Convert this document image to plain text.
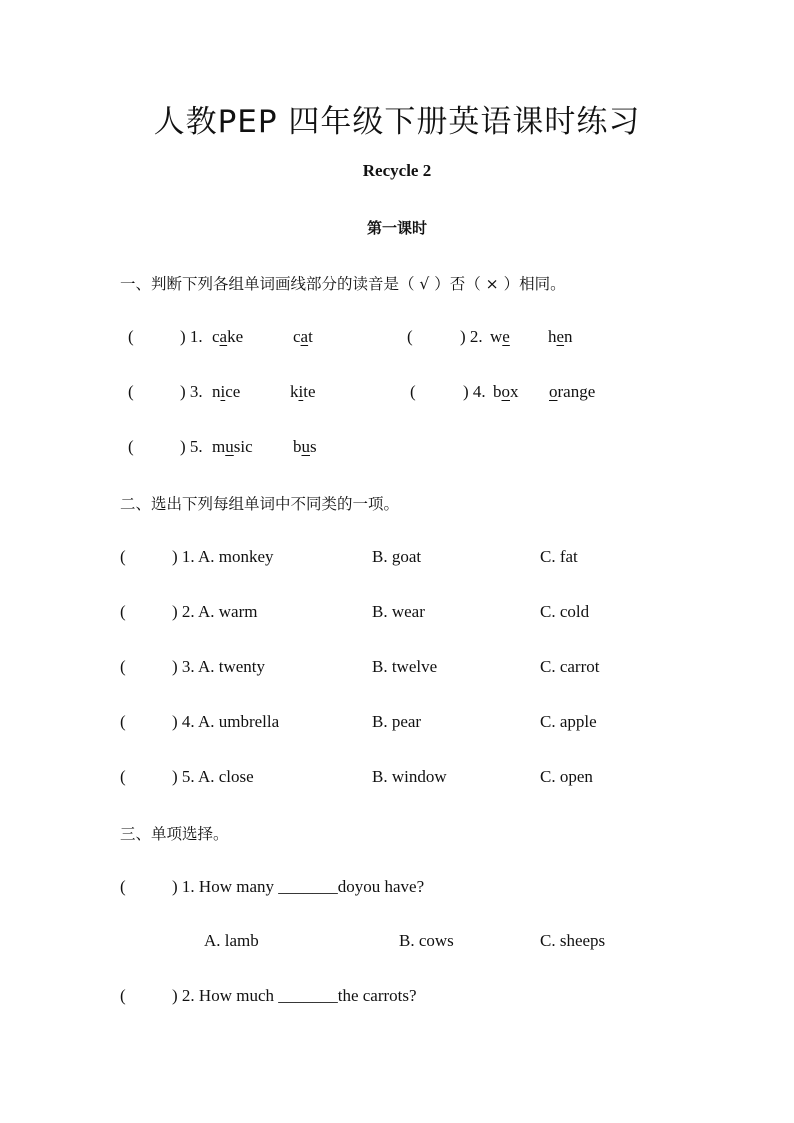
人教PEP 四年级下册英语课时练习
Recycle 2
第一课时
一、判断下列各组单词画线部分的读音是（ √ ）否（ × ）相同。
(	) 1. cake	cat	(	) 2. we hen
(	) 3. nice	kite	(	) 4. box orange
(	) 5. music bus
二、选出下列每组单词中不同类的一项。
(	) 1. A. monkey	B. goat	C. fat
(	) 2. A. warm	B. wear	C. cold
(	) 3. A. twenty	B. twelve	C. carrot
(	) 4. A. umbrella	B. pear	C. apple
(	) 5. A. close	B. window	C. open
三、单项选择。
(	) 1. How many _______doyou have?
A. lamb	B. cows	C. sheeps
(	) 2. How much _______the carrots?
